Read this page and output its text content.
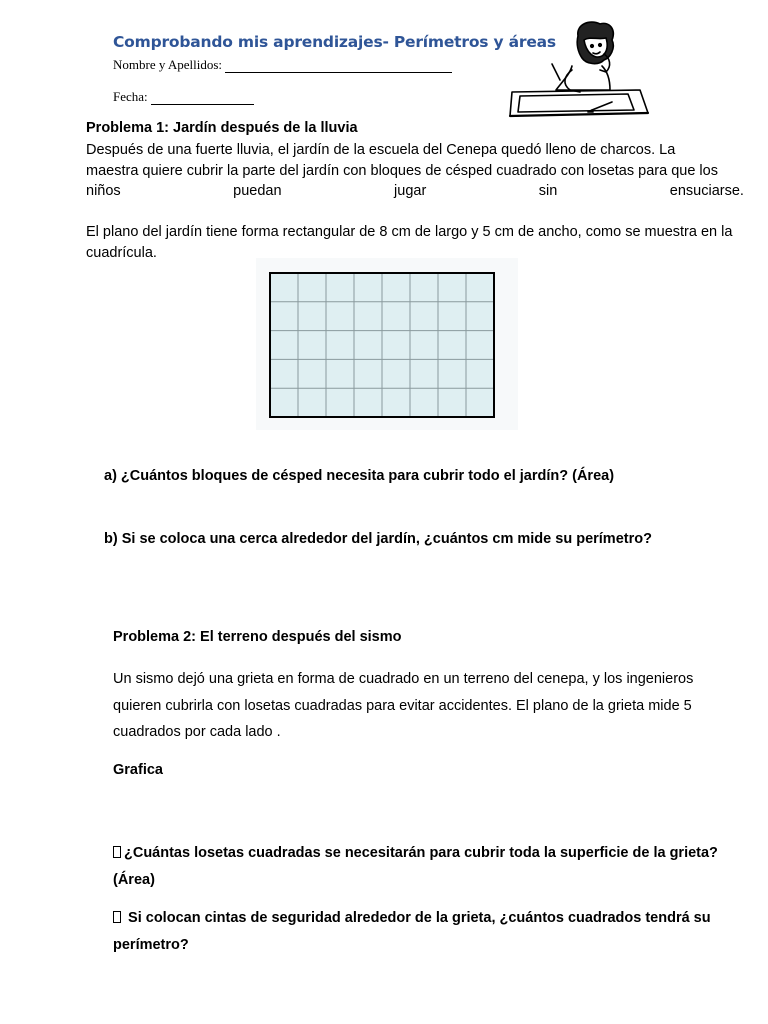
Comprobando mis aprendizajes- Perímetros y áreas
Nombre y Apellidos:
Fecha:
Problema 1: Jardín después de la lluvia
Después de una fuerte lluvia, el jardín de la escuela del Cenepa quedó lleno de charcos. La
maestra quiere cubrir la parte del jardín con bloques de césped cuadrado con losetas para que los
niños	puedan	jugar	sin	ensuciarse.
El plano del jardín tiene forma rectangular de 8 cm de largo y 5 cm de ancho, como se muestra en la cuadrícula.
a) ¿Cuántos bloques de césped necesita para cubrir todo el jardín? (Área)
b) Si se coloca una cerca alrededor del jardín, ¿cuántos cm mide su perímetro?
Problema 2: El terreno después del sismo
Un sismo dejó una grieta en forma de cuadrado en un terreno del cenepa, y los ingenieros quieren cubrirla con losetas cuadradas para evitar accidentes. El plano de la grieta mide 5 cuadrados por cada lado .
Grafica
¿Cuántas losetas cuadradas se necesitarán para cubrir toda la superficie de la grieta? (Área)
Si colocan cintas de seguridad alrededor de la grieta, ¿cuántos cuadrados tendrá su perímetro?
